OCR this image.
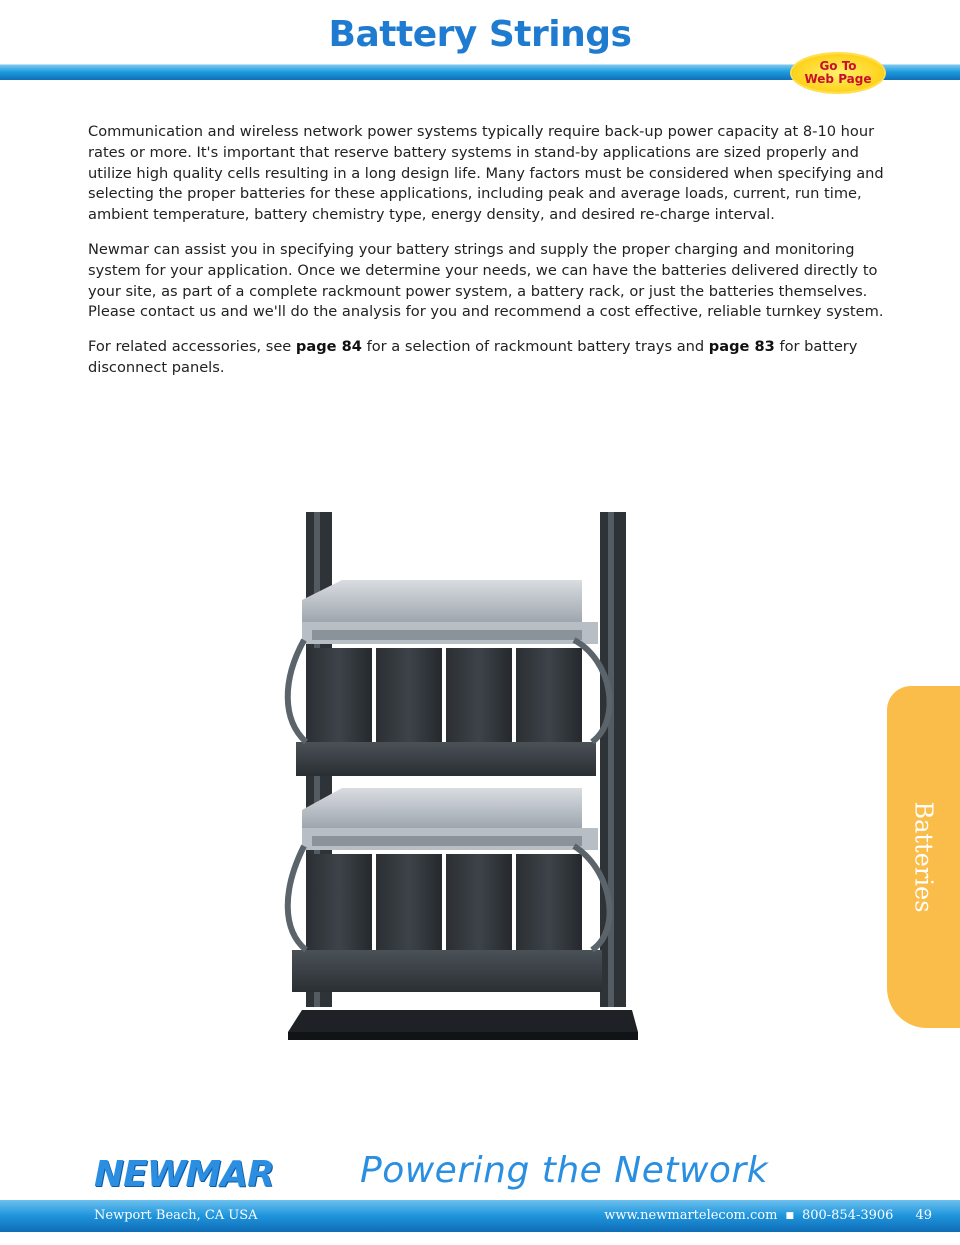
Battery Strings
Go To
Web Page

Communication and wireless network power systems typically require back-up power capacity at 8-10 hour rates or more. It's important that reserve battery systems in stand-by applications are sized properly and utilize high quality cells resulting in a long design life. Many factors must be considered when specifying and selecting the proper batteries for these applications, including peak and average loads, current, run time, ambient temperature, battery chemistry type, energy density, and desired re-charge interval.

Newmar can assist you in specifying your battery strings and supply the proper charging and monitoring system for your application. Once we determine your needs, we can have the batteries delivered directly to your site, as part of a complete rackmount power system, a battery rack, or just the batteries themselves. Please contact us and we'll do the analysis for you and recommend a cost effective, reliable turnkey system.

For related accessories, see page 84 for a selection of rackmount battery trays and page 83 for battery disconnect panels.

Batteries
NEWMAR Powering the Network
Newport Beach, CA USA	www.newmartelecom.com ■ 800-854-3906 49
